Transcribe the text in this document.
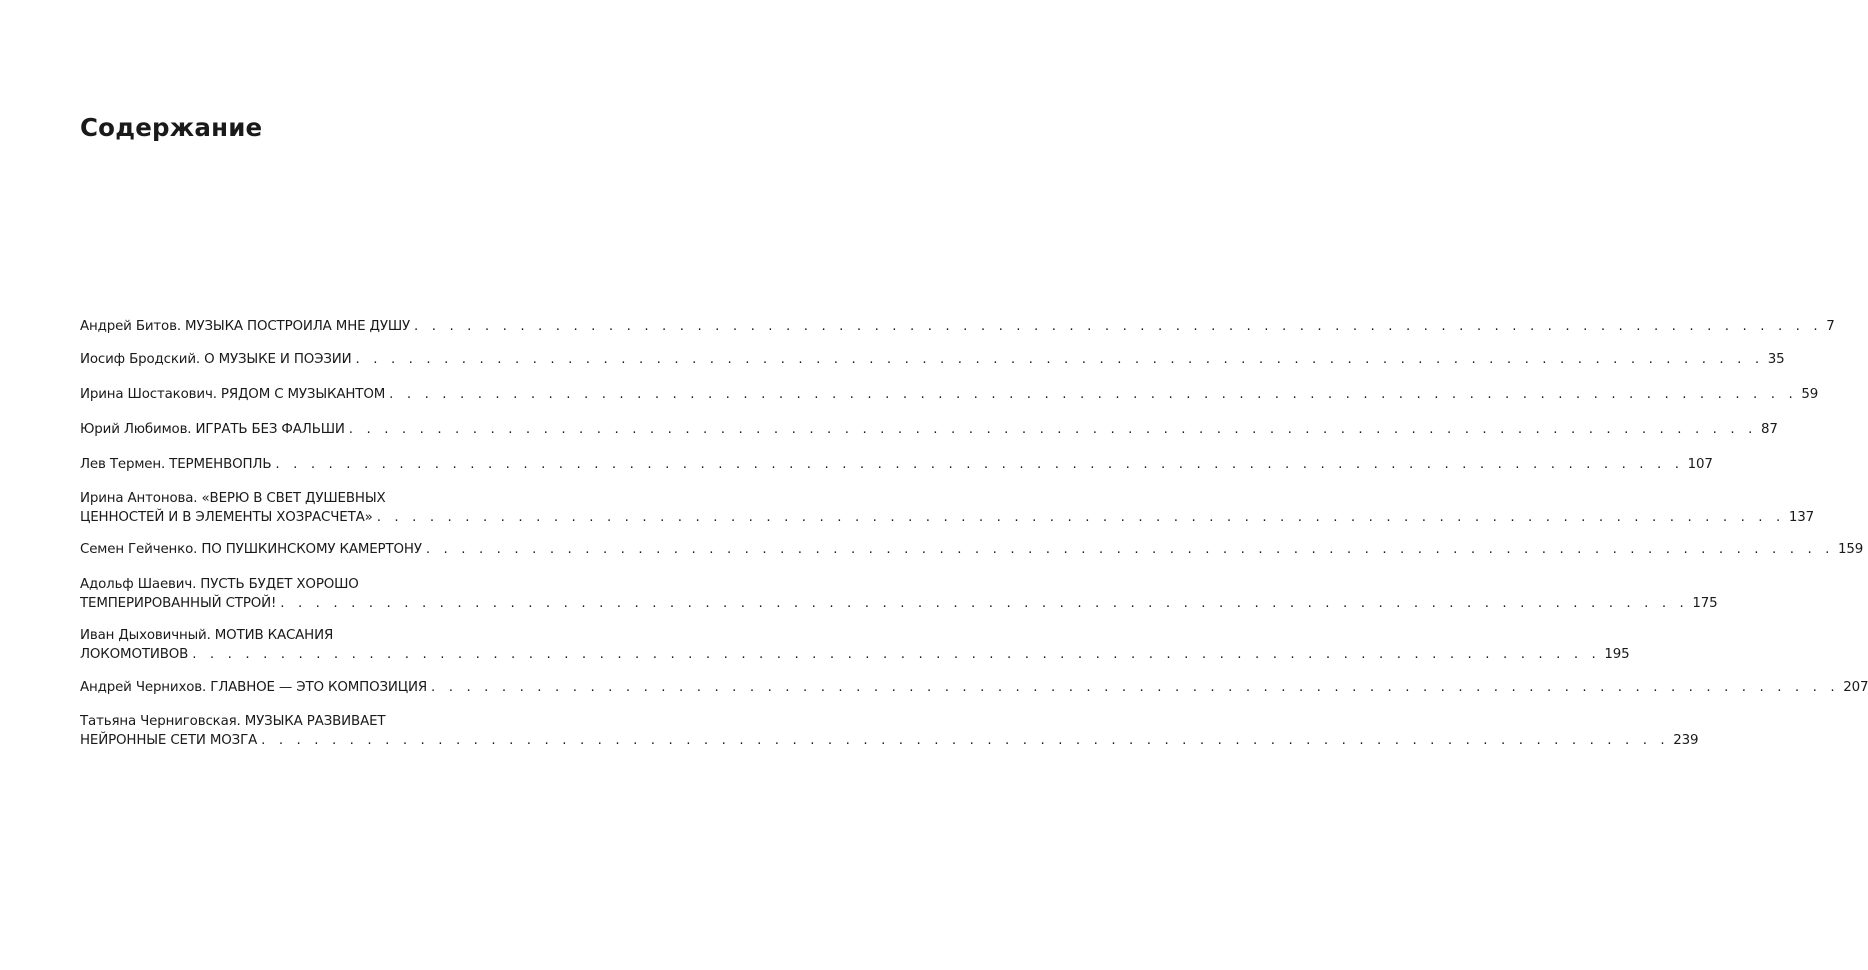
Содержание
Андрей Битов. МУЗЫКА ПОСТРОИЛА МНЕ ДУШУ . . . . . . . . . . . . . . . . . . . . . . . . . . . . . . . . . . . . . . . . . . . . . . . . . . . . . . . . . . . . . . . . . . . . . . . . . . . . . . . . 7
Иосиф Бродский. О МУЗЫКЕ И ПОЭЗИИ . . . . . . . . . . . . . . . . . . . . . . . . . . . . . . . . . . . . . . . . . . . . . . . . . . . . . . . . . . . . . . . . . . . . . . . . . . . . . . . . 35
Ирина Шостакович. РЯДОМ С МУЗЫКАНТОМ . . . . . . . . . . . . . . . . . . . . . . . . . . . . . . . . . . . . . . . . . . . . . . . . . . . . . . . . . . . . . . . . . . . . . . . . . . . . . . . . 59
Юрий Любимов. ИГРАТЬ БЕЗ ФАЛЬШИ . . . . . . . . . . . . . . . . . . . . . . . . . . . . . . . . . . . . . . . . . . . . . . . . . . . . . . . . . . . . . . . . . . . . . . . . . . . . . . . . 87
Лев Термен. ТЕРМЕНВОПЛЬ . . . . . . . . . . . . . . . . . . . . . . . . . . . . . . . . . . . . . . . . . . . . . . . . . . . . . . . . . . . . . . . . . . . . . . . . . . . . . . . . 107
Ирина Антонова. «ВЕРЮ В СВЕТ ДУШЕВНЫХ
ЦЕННОСТЕЙ И В ЭЛЕМЕНТЫ ХОЗРАСЧЕТА» . . . . . . . . . . . . . . . . . . . . . . . . . . . . . . . . . . . . . . . . . . . . . . . . . . . . . . . . . . . . . . . . . . . . . . . . . . . . . . . . 137
Семен Гейченко. ПО ПУШКИНСКОМУ КАМЕРТОНУ . . . . . . . . . . . . . . . . . . . . . . . . . . . . . . . . . . . . . . . . . . . . . . . . . . . . . . . . . . . . . . . . . . . . . . . . . . . . . . . . 159
Адольф Шаевич. ПУСТЬ БУДЕТ ХОРОШО
ТЕМПЕРИРОВАННЫЙ СТРОЙ! . . . . . . . . . . . . . . . . . . . . . . . . . . . . . . . . . . . . . . . . . . . . . . . . . . . . . . . . . . . . . . . . . . . . . . . . . . . . . . . . 175
Иван Дыховичный. МОТИВ КАСАНИЯ
ЛОКОМОТИВОВ . . . . . . . . . . . . . . . . . . . . . . . . . . . . . . . . . . . . . . . . . . . . . . . . . . . . . . . . . . . . . . . . . . . . . . . . . . . . . . . . 195
Андрей Чернихов. ГЛАВНОЕ — ЭТО КОМПОЗИЦИЯ . . . . . . . . . . . . . . . . . . . . . . . . . . . . . . . . . . . . . . . . . . . . . . . . . . . . . . . . . . . . . . . . . . . . . . . . . . . . . . . . 207
Татьяна Черниговская. МУЗЫКА РАЗВИВАЕТ
НЕЙРОННЫЕ СЕТИ МОЗГА . . . . . . . . . . . . . . . . . . . . . . . . . . . . . . . . . . . . . . . . . . . . . . . . . . . . . . . . . . . . . . . . . . . . . . . . . . . . . . . . 239
